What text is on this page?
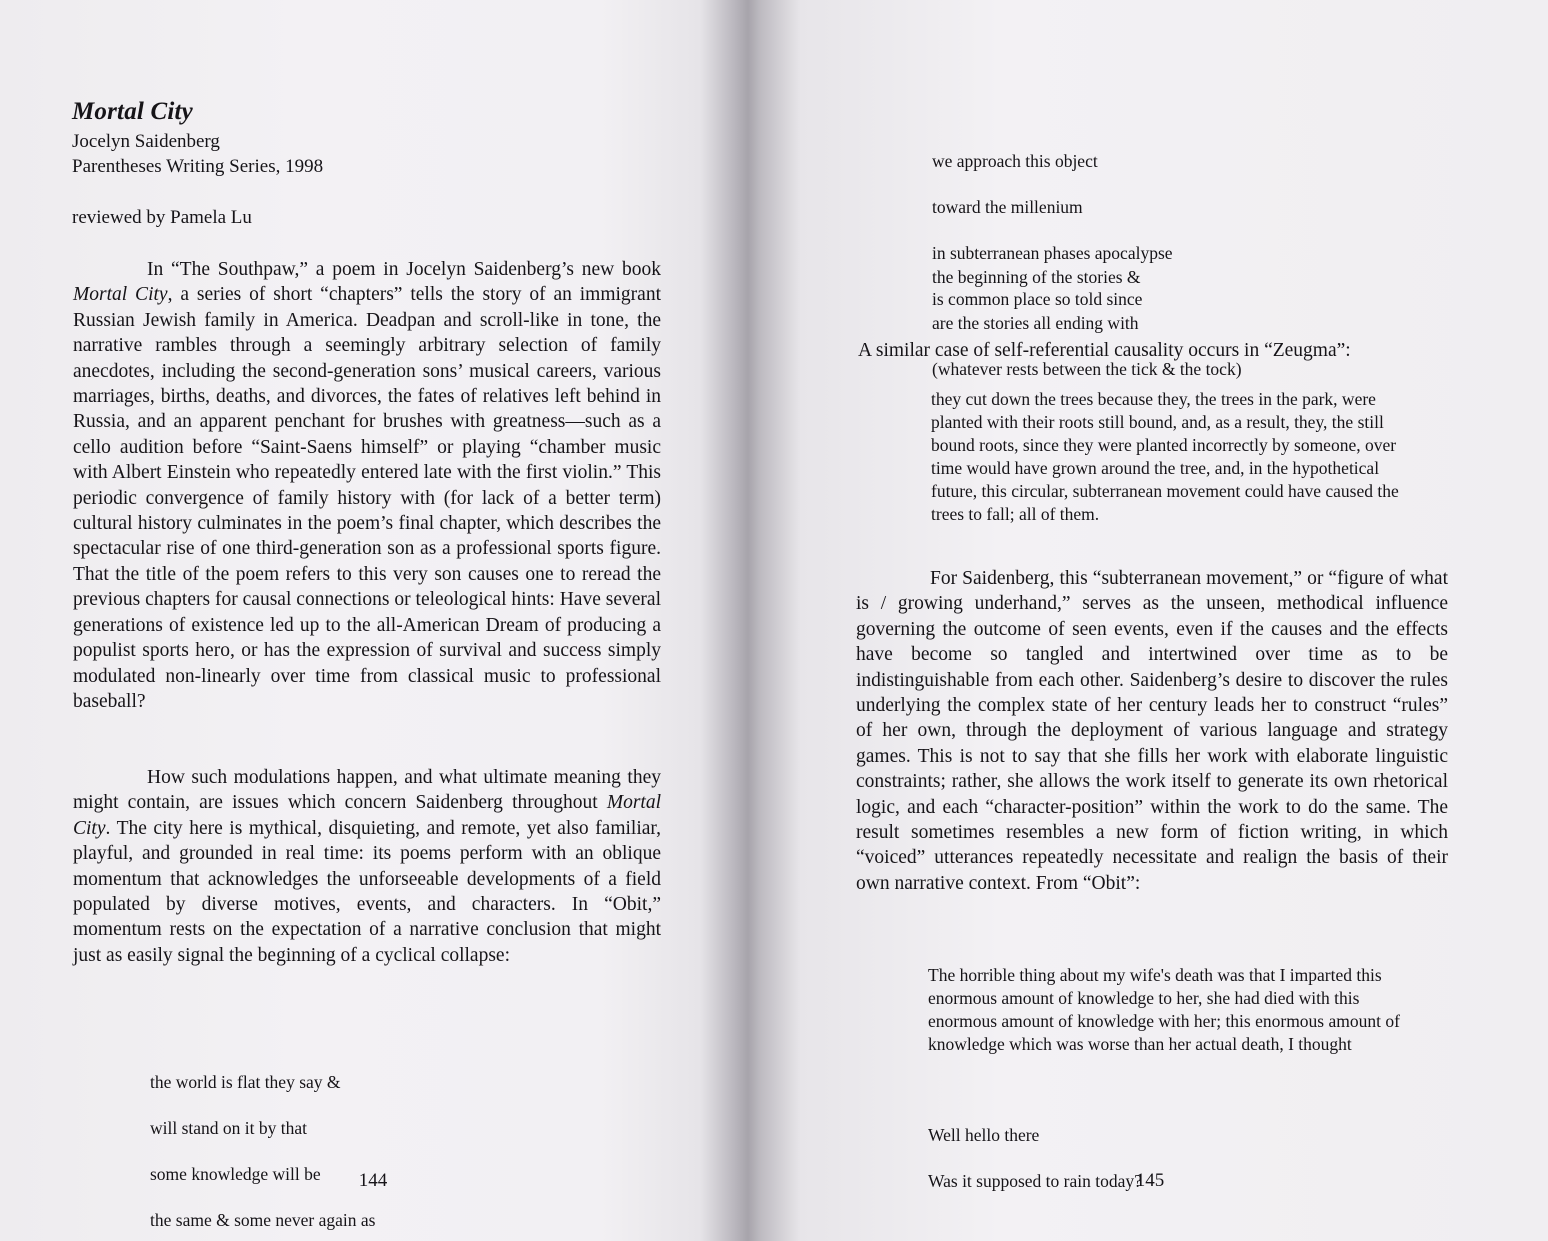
Mortal City

Jocelyn Saidenberg

Parentheses Writing Series, 1998

reviewed by Pamela Lu

In “The Southpaw,” a poem in Jocelyn Saidenberg’s new book Mortal City, a series of short “chapters” tells the story of an immigrant Russian Jewish family in America. Deadpan and scroll-like in tone, the narrative rambles through a seemingly arbitrary selection of family anecdotes, including the second-generation sons’ musical careers, various marriages, births, deaths, and divorces, the fates of relatives left behind in Russia, and an apparent penchant for brushes with greatness—such as a cello audition before “Saint-Saens himself” or playing “chamber music with Albert Einstein who repeatedly entered late with the first violin.” This periodic convergence of family history with (for lack of a better term) cultural history culminates in the poem’s final chapter, which describes the spectacular rise of one third-generation son as a professional sports figure. That the title of the poem refers to this very son causes one to reread the previous chapters for causal connections or teleological hints: Have several generations of existence led up to the all-American Dream of producing a populist sports hero, or has the expression of survival and success simply modulated non-linearly over time from classical music to professional baseball?

How such modulations happen, and what ultimate meaning they might contain, are issues which concern Saidenberg throughout Mortal City. The city here is mythical, disquieting, and remote, yet also familiar, playful, and grounded in real time: its poems perform with an oblique momentum that acknowledges the unforseeable developments of a field populated by diverse motives, events, and characters. In “Obit,” momentum rests on the expectation of a narrative conclusion that might just as easily signal the beginning of a cyclical collapse:

the world is flat they say &

will stand on it by that

some knowledge will be

the same & some never again as

144

we approach this object

toward the millenium

in subterranean phases apocalypse

is common place so told since

the beginning of the stories &

are the stories all ending with

(whatever rests between the tick & the tock)

A similar case of self-referential causality occurs in “Zeugma”:

they cut down the trees because they, the trees in the park, were planted with their roots still bound, and, as a result, they, the still bound roots, since they were planted incorrectly by someone, over time would have grown around the tree, and, in the hypothetical future, this circular, subterranean movement could have caused the trees to fall; all of them.

For Saidenberg, this “subterranean movement,” or “figure of what is / growing underhand,” serves as the unseen, methodical influence governing the outcome of seen events, even if the causes and the effects have become so tangled and intertwined over time as to be indistinguishable from each other. Saidenberg’s desire to discover the rules underlying the complex state of her century leads her to construct “rules” of her own, through the deployment of various language and strategy games. This is not to say that she fills her work with elaborate linguistic constraints; rather, she allows the work itself to generate its own rhetorical logic, and each “character-position” within the work to do the same. The result sometimes resembles a new form of fiction writing, in which “voiced” utterances repeatedly necessitate and realign the basis of their own narrative context. From “Obit”:

The horrible thing about my wife's death was that I imparted this enormous amount of knowledge to her, she had died with this enormous amount of knowledge with her; this enormous amount of knowledge which was worse than her actual death, I thought

Well hello there

Was it supposed to rain today?

145
